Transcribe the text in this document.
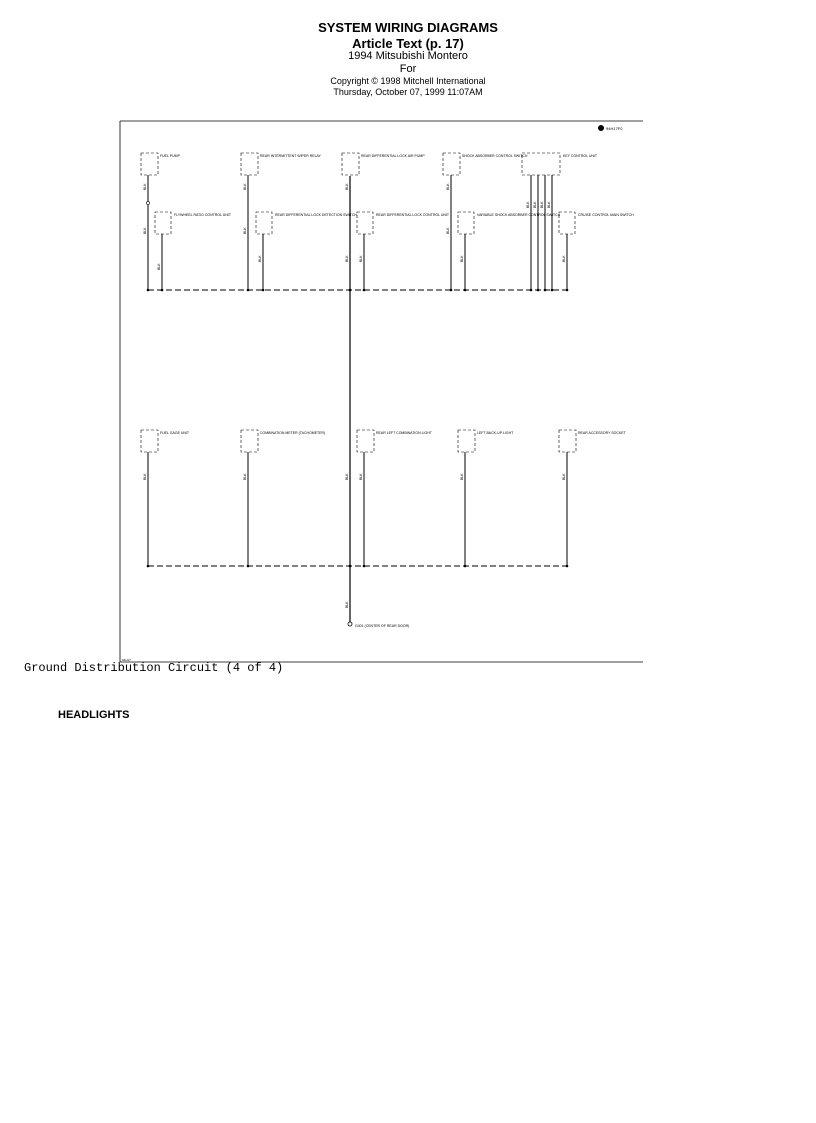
SYSTEM WIRING DIAGRAMS
Article Text (p. 17)
1994 Mitsubishi Montero
For
Copyright © 1998 Mitchell International
Thursday, October 07, 1999 11:07AM
94H17F0
FUEL PUMP	REAR INTERMITTENT WIPER RELAY	REAR DIFFERENTIAL LOCK AIR PUMP	SHOCK ABSORBER CONTROL SWITCH	KEY CONTROL UNIT
FLYWHEEL RATIO CONTROL UNIT	REAR DIFFERENTIAL LOCK DETECTION SWITCH	REAR DIFFERENTIAL LOCK CONTROL UNIT	VARIABLE SHOCK ABSORBER CONTROL SWITCH	CRUISE CONTROL MAIN SWITCH
FUEL GAGE UNIT	COMBINATION METER (TACHOMETER)	REAR LEFT COMBINATION LIGHT	LEFT BACK-UP LIGHT	REAR ACCESSORY SOCKET
BLK
BLK
BLK
BLK
BLK
BLK
BLK
BLK	BLK
BLK
BLK
BLK
BLK BLK BLK BLK
BLK
BLK	BLK	BLK	BLK	BLK	BLK
BLK
G401 (CENTER OF REAR DOOR)
94H17
Ground Distribution Circuit (4 of 4)
HEADLIGHTS
